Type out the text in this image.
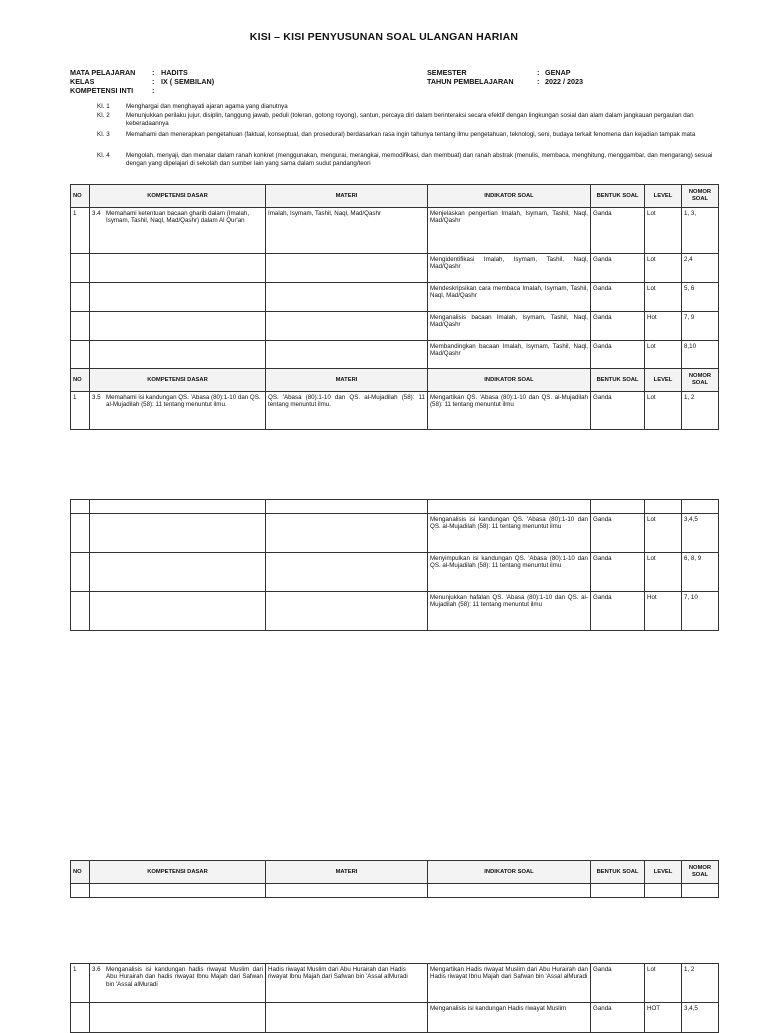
KISI – KISI PENYUSUNAN SOAL ULANGAN HARIAN
MATA PELAJARAN : HADITS
KELAS	: IX ( SEMBILAN)
KOMPETENSI INTI	:
SEMESTER	: GENAP
TAHUN PEMBELAJARAN	: 2022 / 2023
KI. 1	Menghargai dan menghayati ajaran agama yang dianutnya
KI. 2	Menunjukkan perilaku jujur, disiplin, tanggung jawab, peduli (toleran, gotong royong), santun, percaya diri dalam berinteraksi secara efektif dengan lingkungan sosial dan alam dalam jangkauan pergaulan dan keberadaannya
KI. 3	Memahami dan menerapkan pengetahuan (faktual, konseptual, dan prosedural) berdasarkan rasa ingin tahunya tentang ilmu pengetahuan, teknologi, seni, budaya terkait fenomena dan kejadian tampak mata
KI. 4	Mengolah, menyaji, dan menalar dalam ranah konkret (menggunakan, mengurai, merangkai, memodifikasi, dan membuat) dan ranah abstrak (menulis, membaca, menghitung, menggambar, dan mengarang) sesuai dengan yang dipelajari di sekolah dan sumber lain yang sama dalam sudut pandang/teori
NO	KOMPETENSI DASAR	MATERI	INDIKATOR SOAL	BENTUK SOAL	LEVEL	NOMOR SOAL
1	3.4 Memahami ketentuan bacaan gharib dalam (Imalah, Isymam, Tashil, Naql, Mad/Qashr) dalam Al Qur'an	Imalah, Isymam, Tashil, Naql, Mad/Qashr	Menjelaskan pengertian Imalah, Isymam, Tashil, Naql, Mad/Qashr	Ganda	Lot	1, 3,
			Mengidentifikasi Imalah, Isymam, Tashil, Naql, Mad/Qashr	Ganda	Lot	2,4
			Mendeskripsikan cara membaca Imalah, Isymam, Tashil, Naql, Mad/Qashr	Ganda	Lot	5, 6
			Menganalisis bacaan Imalah, Isymam, Tashil, Naql, Mad/Qashr	Ganda	Hot	7, 9
			Membandingkan bacaan Imalah, Isymam, Tashil, Naql, Mad/Qashr	Ganda	Lot	8,10
NO	KOMPETENSI DASAR	MATERI	INDIKATOR SOAL	BENTUK SOAL	LEVEL	NOMOR SOAL
1	3.5 Memahami isi kandungan QS. 'Abasa (80):1-10 dan QS. al-Mujadilah (58): 11 tentang menuntut ilmu.	QS. 'Abasa (80):1-10 dan QS. al-Mujadilah (58): 11 tentang menuntut ilmu.	Mengartikan QS. 'Abasa (80):1-10 dan QS. al-Mujadilah (58): 11 tentang menuntut ilmu	Ganda	Lot	1, 2

			Menganalisis isi kandungan QS. 'Abasa (80):1-10 dan QS. al-Mujadilah (58): 11 tentang menuntut ilmu	Ganda	Lot	3,4,5
			Menyimpulkan isi kandungan QS. 'Abasa (80):1-10 dan QS. al-Mujadilah (58): 11 tentang menuntut ilmu	Ganda	Lot	6, 8, 9
			Menunjukkan hafalan QS. 'Abasa (80):1-10 dan QS. al-Mujadilah (58): 11 tentang menuntut ilmu	Ganda	Hot	7, 10
NO	KOMPETENSI DASAR	MATERI	INDIKATOR SOAL	BENTUK SOAL	LEVEL	NOMOR SOAL

1	3.6 Menganalisis isi kandungan hadis riwayat Muslim dari Abu Hurairah dan hadis riwayat Ibnu Majah dari Safwan bin 'Assal alMuradi	Hadis riwayat Muslim dari Abu Hurairah dan Hadis riwayat Ibnu Majah dari Safwan bin 'Assal alMuradi	Mengartikan Hadis riwayat Muslim dari Abu Hurairah dan Hadis riwayat Ibnu Majah dari Safwan bin 'Assal alMuradi	Ganda	Lot	1, 2
			Menganalisis isi kandungan Hadis riwayat Muslim	Ganda	HOT	3,4,5
